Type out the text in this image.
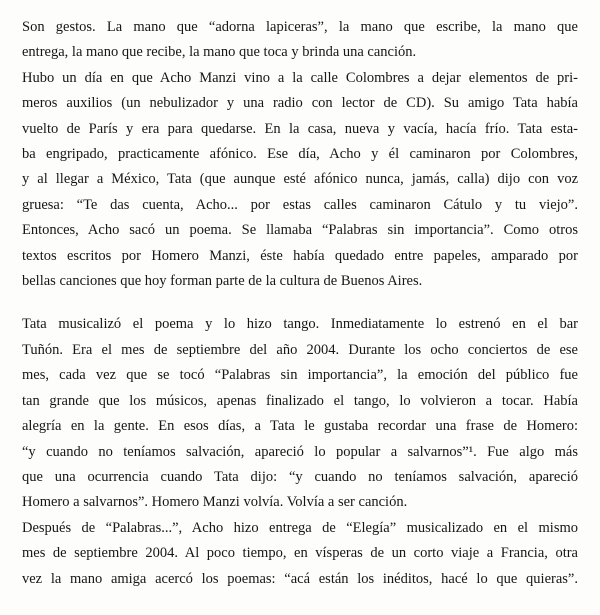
Son gestos. La mano que “adorna lapiceras”, la mano que escribe, la mano que
entrega, la mano que recibe, la mano que toca y brinda una canción.
Hubo un día en que Acho Manzi vino a la calle Colombres a dejar elementos de pri-
meros auxilios (un nebulizador y una radio con lector de CD). Su amigo Tata había
vuelto de París y era para quedarse. En la casa, nueva y vacía, hacía frío. Tata esta-
ba engripado, practicamente afónico. Ese día, Acho y él caminaron por Colombres,
y al llegar a México, Tata (que aunque esté afónico nunca, jamás, calla) dijo con voz
gruesa: “Te das cuenta, Acho... por estas calles caminaron Cátulo y tu viejo”.
Entonces, Acho sacó un poema. Se llamaba “Palabras sin importancia”. Como otros
textos escritos por Homero Manzi, éste había quedado entre papeles, amparado por
bellas canciones que hoy forman parte de la cultura de Buenos Aires.
Tata musicalizó el poema y lo hizo tango. Inmediatamente lo estrenó en el bar
Tuñón. Era el mes de septiembre del año 2004. Durante los ocho conciertos de ese
mes, cada vez que se tocó “Palabras sin importancia”, la emoción del público fue
tan grande que los músicos, apenas finalizado el tango, lo volvieron a tocar. Había
alegría en la gente. En esos días, a Tata le gustaba recordar una frase de Homero:
“y cuando no teníamos salvación, apareció lo popular a salvarnos”¹. Fue algo más
que una ocurrencia cuando Tata dijo: “y cuando no teníamos salvación, apareció
Homero a salvarnos”. Homero Manzi volvía. Volvía a ser canción.
Después de “Palabras...”, Acho hizo entrega de “Elegía” musicalizado en el mismo
mes de septiembre 2004. Al poco tiempo, en vísperas de un corto viaje a Francia, otra
vez la mano amiga acercó los poemas: “acá están los inéditos, hacé lo que quieras”.
